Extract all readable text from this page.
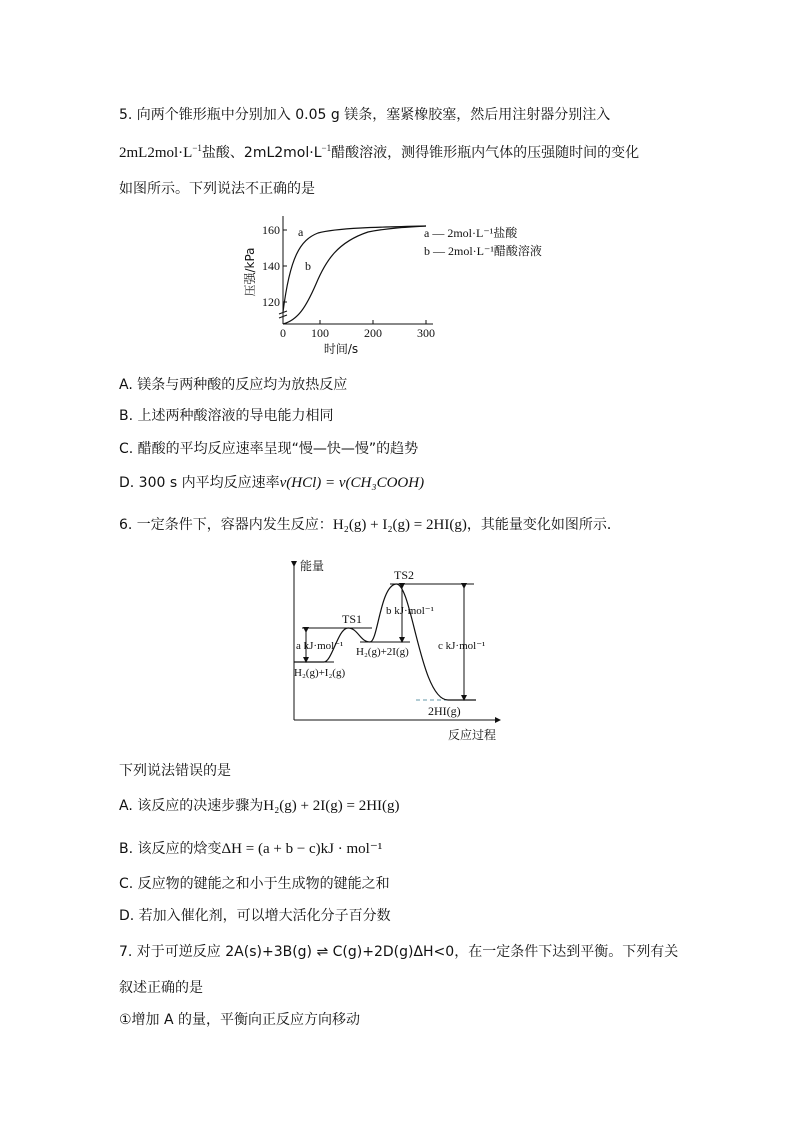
5. 向两个锥形瓶中分别加入 0.05 g 镁条，塞紧橡胶塞，然后用注射器分别注入
$2mL2mol\cdot L^{-1}$盐酸、$2mL2mol\cdot L^{-1}$醋酸溶液，测得锥形瓶内气体的压强随时间的变化
如图所示。下列说法不正确的是
160
140
120
0 100	200	300
时间/s
压强/kPa
a
b
a — 2mol·L⁻¹盐酸
b — 2mol·L⁻¹醋酸溶液
A. 镁条与两种酸的反应均为放热反应
B. 上述两种酸溶液的导电能力相同
C. 醋酸的平均反应速率呈现“慢—快—慢”的趋势
D. 300 s 内平均反应速率v(HCl) = v(CH₃COOH)
6. 一定条件下，容器内发生反应：H₂(g) + I₂(g) = 2HI(g)，其能量变化如图所示．
能量
反应过程
TS1
TS2
a kJ·mol⁻¹
b kJ·mol⁻¹
c kJ·mol⁻¹
H₂(g)+I₂(g)
H₂(g)+2I(g)
2HI(g)
下列说法错误的是
A. 该反应的决速步骤为H₂(g) + 2I(g) = 2HI(g)
B. 该反应的焓变ΔH = (a + b − c)kJ · mol⁻¹
C. 反应物的键能之和小于生成物的键能之和
D. 若加入催化剂，可以增大活化分子百分数
7. 对于可逆反应 2A(s)+3B(g) ⇌ C(g)+2D(g)ΔH<0，在一定条件下达到平衡。下列有关
叙述正确的是
①增加 A 的量，平衡向正反应方向移动
